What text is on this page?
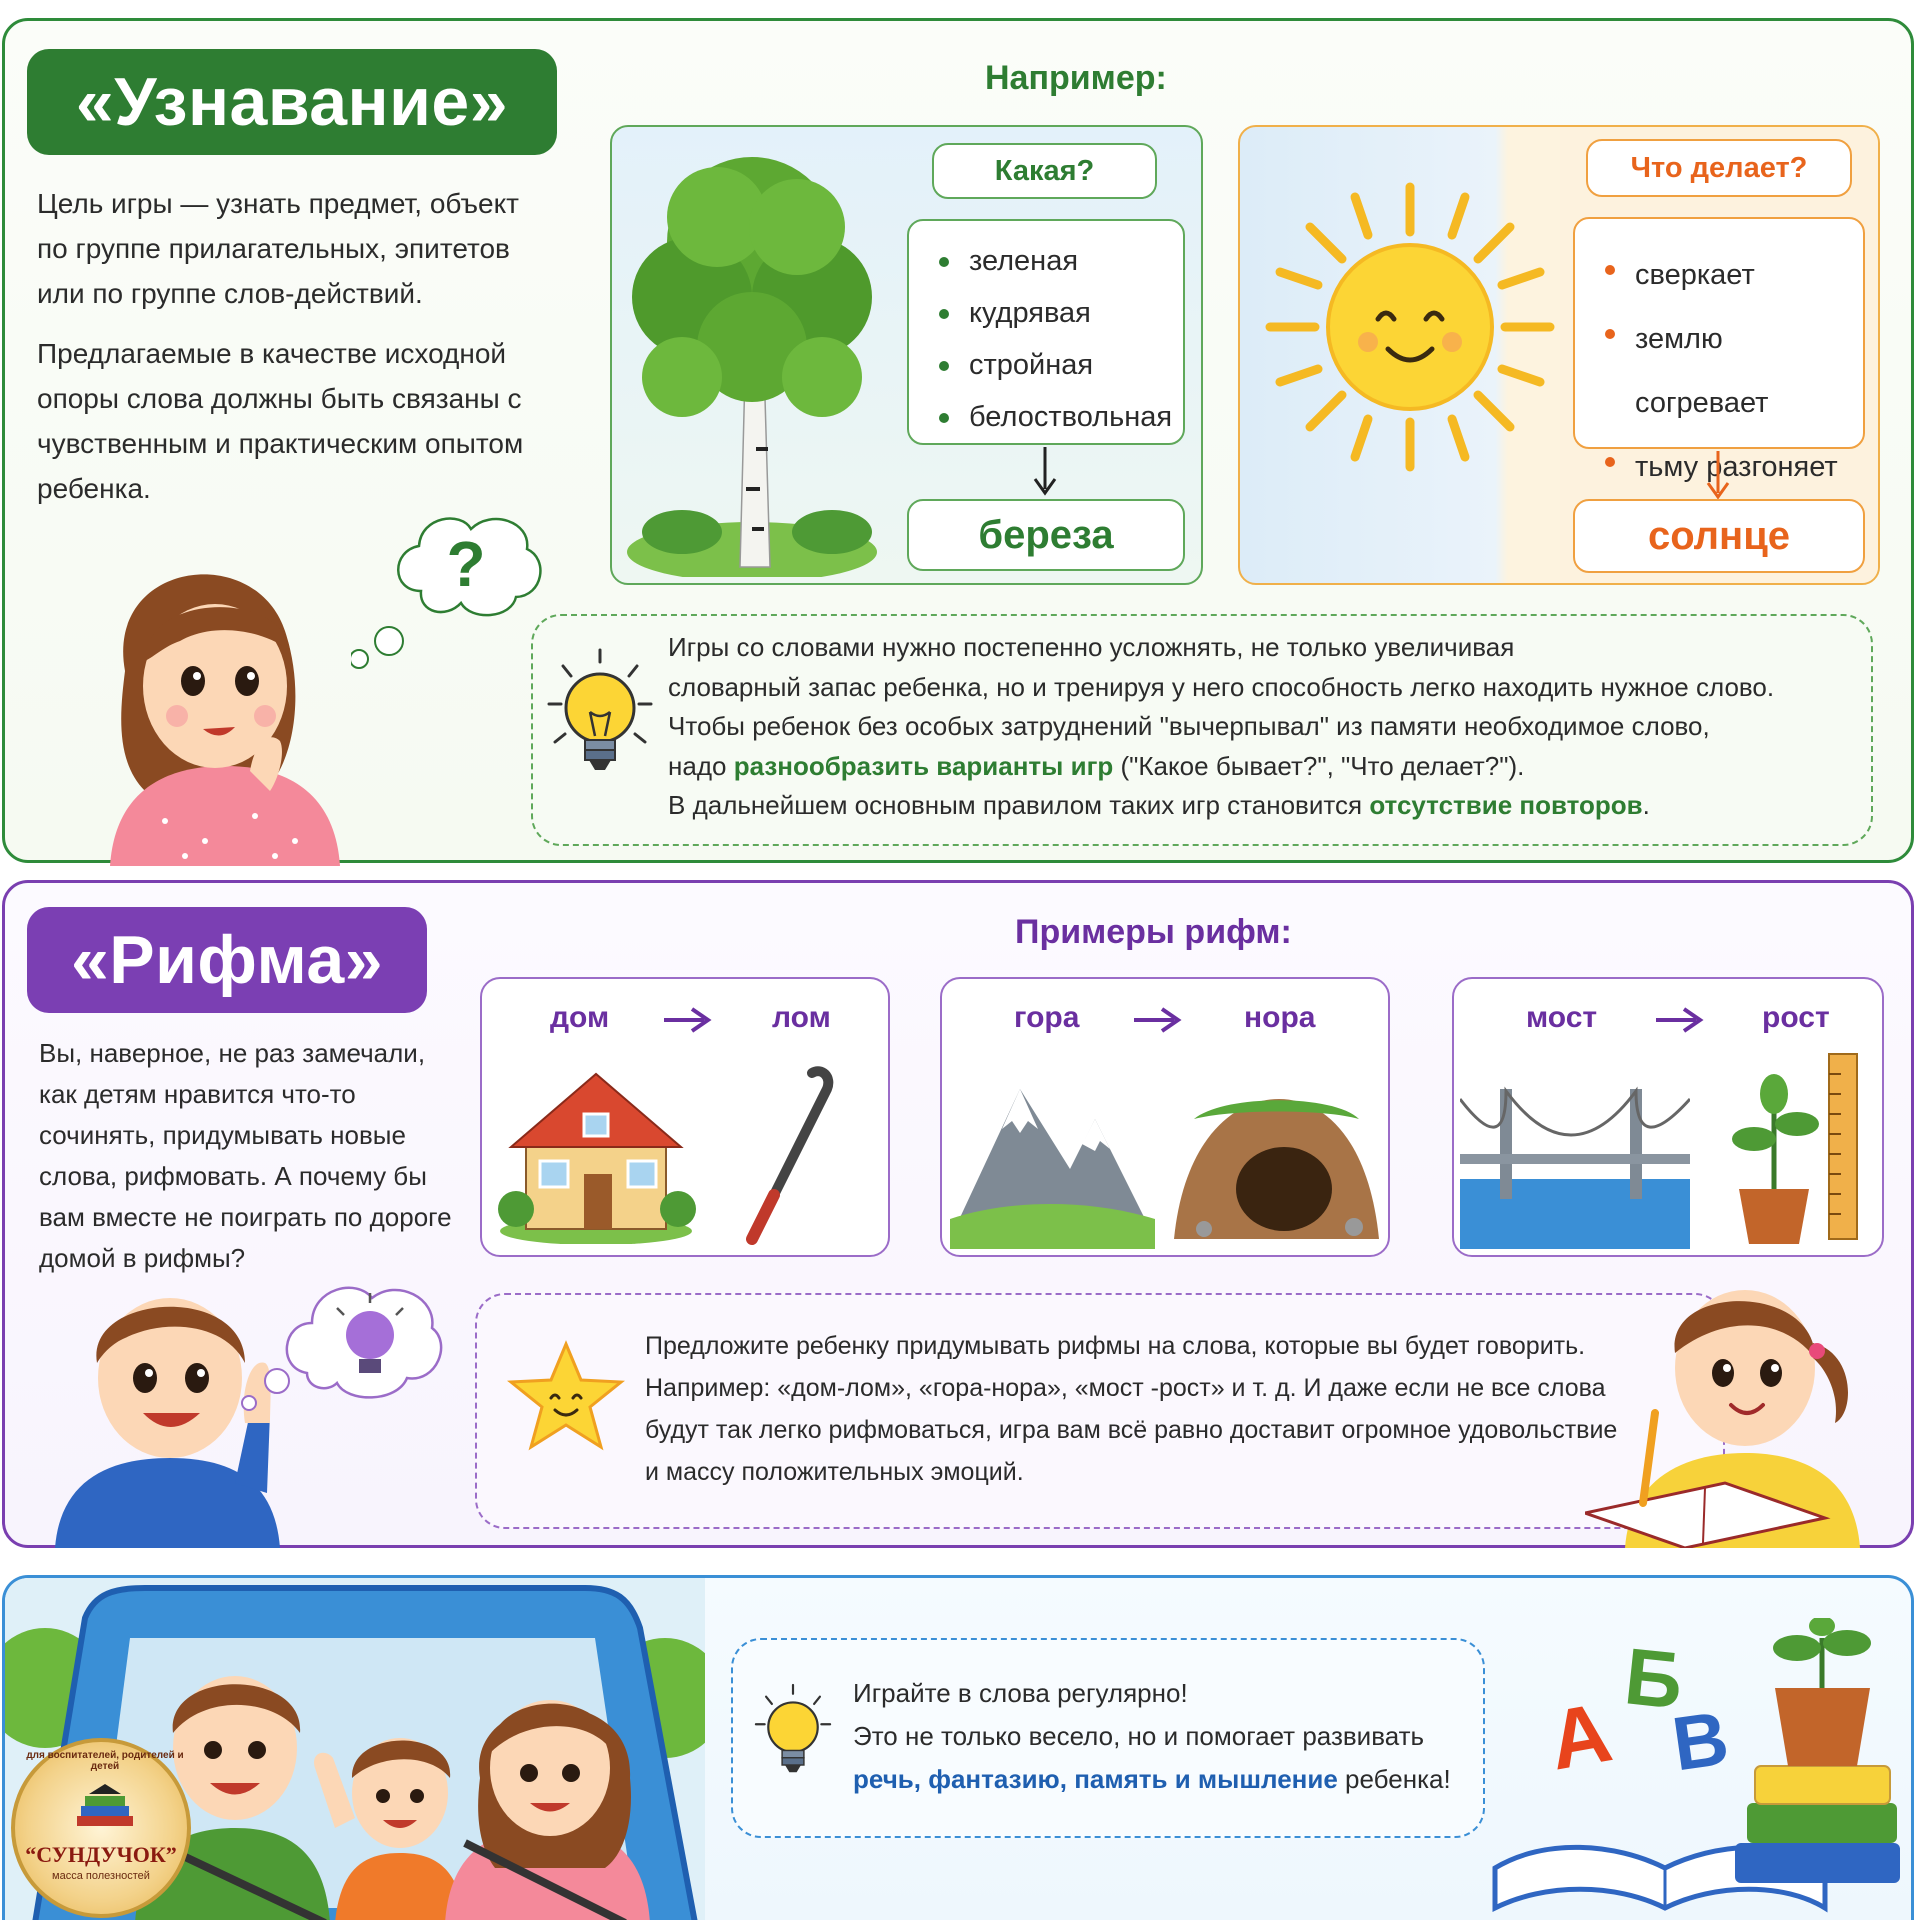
«Узнавание»
Цель игры — узнать предмет, объект по группе прилагательных, эпитетов или по группе слов-действий.
Предлагаемые в качестве исходной опоры слова должны быть связаны с чувственным и практическим опытом ребенка.
?
Например:
Какая?
зеленая
кудрявая
стройная
белоствольная
береза
Что делает?
сверкает
землю согревает
тьму разгоняет
солнце
Игры со словами нужно постепенно усложнять, не только увеличивая
словарный запас ребенка, но и тренируя у него способность легко находить нужное слово.
Чтобы ребенок без особых затруднений "вычерпывал" из памяти необходимое слово,
надо разнообразить варианты игр ("Какое бывает?", "Что делает?").
В дальнейшем основным правилом таких игр становится отсутствие повторов.
«Рифма»
Вы, наверное, не раз замечали,
как детям нравится что-то
сочинять, придумывать новые
слова, рифмовать. А почему бы
вам вместе не поиграть по дороге
домой в рифмы?
Примеры рифм:
дом	лом	гора	нора	мост	рост
Предложите ребенку придумывать рифмы на слова, которые вы будет говорить.
Например: «дом-лом», «гора-нора», «мост -рост» и т. д. И даже если не все слова
будут так легко рифмоваться, игра вам всё равно доставит огромное удовольствие
и массу положительных эмоций.
для воспитателей, родителей и детей
“СУНДУЧОК”
масса полезностей
Играйте в слова регулярно!
Это не только весело, но и помогает развивать
речь, фантазию, память и мышление ребенка! А
Б
В
